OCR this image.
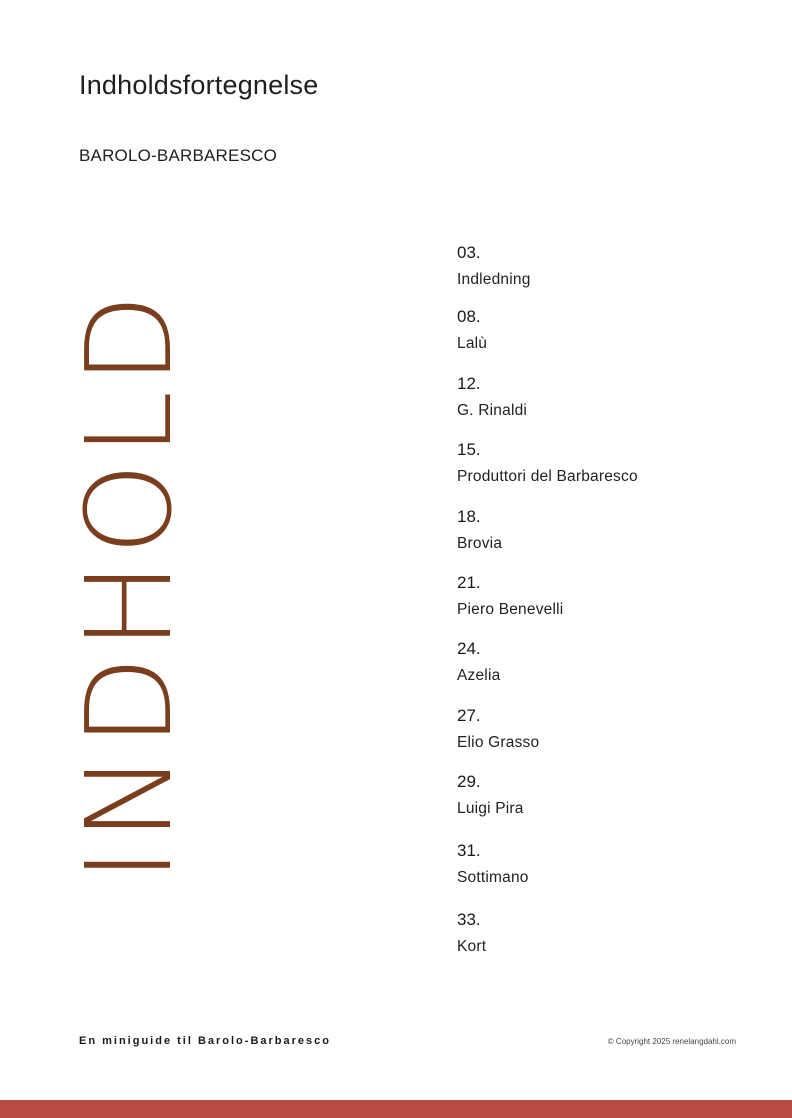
Indholdsfortegnelse
BAROLO-BARBARESCO
INDHOLD
03.
Indledning
08.
Lalù
12.
G. Rinaldi
15.
Produttori del Barbaresco
18.
Brovia
21.
Piero Benevelli
24.
Azelia
27.
Elio Grasso
29.
Luigi Pira
31.
Sottimano
33.
Kort
En miniguide til Barolo-Barbaresco	© Copyright 2025 renelangdahl.com
